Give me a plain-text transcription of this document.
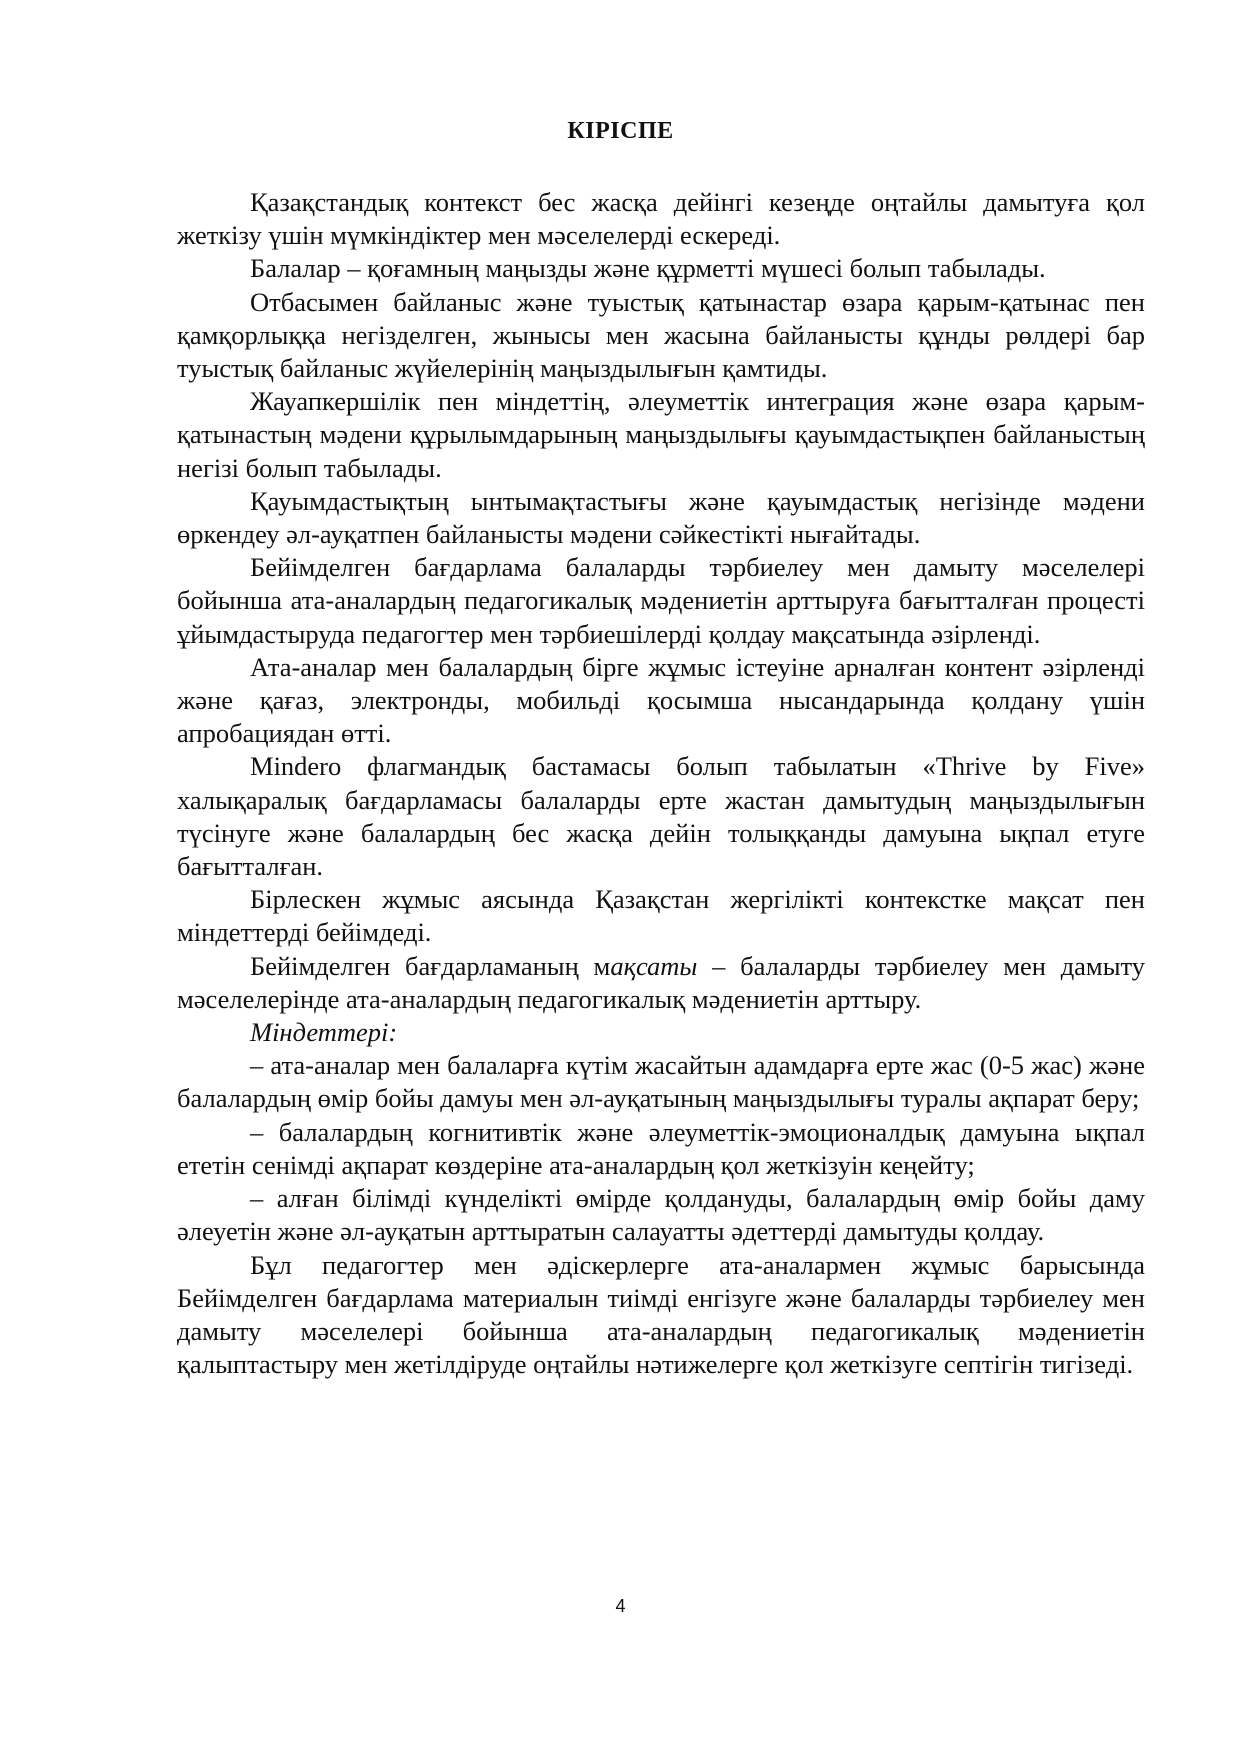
КІРІСПЕ

Қазақстандық контекст бес жасқа дейінгі кезеңде оңтайлы дамытуға қол жеткізу үшін мүмкіндіктер мен мәселелерді ескереді.

Балалар – қоғамның маңызды және құрметті мүшесі болып табылады.

Отбасымен байланыс және туыстық қатынастар өзара қарым-қатынас пен қамқорлыққа негізделген, жынысы мен жасына байланысты құнды рөлдері бар туыстық байланыс жүйелерінің маңыздылығын қамтиды.

Жауапкершілік пен міндеттің, әлеуметтік интеграция және өзара қарым-қатынастың мәдени құрылымдарының маңыздылығы қауымдастықпен байланыстың негізі болып табылады.

Қауымдастықтың ынтымақтастығы және қауымдастық негізінде мәдени өркендеу әл-ауқатпен байланысты мәдени сәйкестікті нығайтады.

Бейімделген бағдарлама балаларды тәрбиелеу мен дамыту мәселелері бойынша ата-аналардың педагогикалық мәдениетін арттыруға бағытталған процесті ұйымдастыруда педагогтер мен тәрбиешілерді қолдау мақсатында әзірленді.

Ата-аналар мен балалардың бірге жұмыс істеуіне арналған контент әзірленді және қағаз, электронды, мобильді қосымша нысандарында қолдану үшін апробациядан өтті.

Mindero флагмандық бастамасы болып табылатын «Thrive by Five» халықаралық бағдарламасы балаларды ерте жастан дамытудың маңыздылығын түсінуге және балалардың бес жасқа дейін толыққанды дамуына ықпал етуге бағытталған.

Бірлескен жұмыс аясында Қазақстан жергілікті контекстке мақсат пен міндеттерді бейімдеді.

Бейімделген бағдарламаның мақсаты – балаларды тәрбиелеу мен дамыту мәселелерінде ата-аналардың педагогикалық мәдениетін арттыру.

Міндеттері:

– ата-аналар мен балаларға күтім жасайтын адамдарға ерте жас (0-5 жас) және балалардың өмір бойы дамуы мен әл-ауқатының маңыздылығы туралы ақпарат беру;

– балалардың когнитивтік және әлеуметтік-эмоционалдық дамуына ықпал ететін сенімді ақпарат көздеріне ата-аналардың қол жеткізуін кеңейту;

– алған білімді күнделікті өмірде қолдануды, балалардың өмір бойы даму әлеуетін және әл-ауқатын арттыратын салауатты әдеттерді дамытуды қолдау.

Бұл педагогтер мен әдіскерлерге ата-аналармен жұмыс барысында Бейімделген бағдарлама материалын тиімді енгізуге және балаларды тәрбиелеу мен дамыту мәселелері бойынша ата-аналардың педагогикалық мәдениетін қалыптастыру мен жетілдіруде оңтайлы нәтижелерге қол жеткізуге септігін тигізеді.

4
